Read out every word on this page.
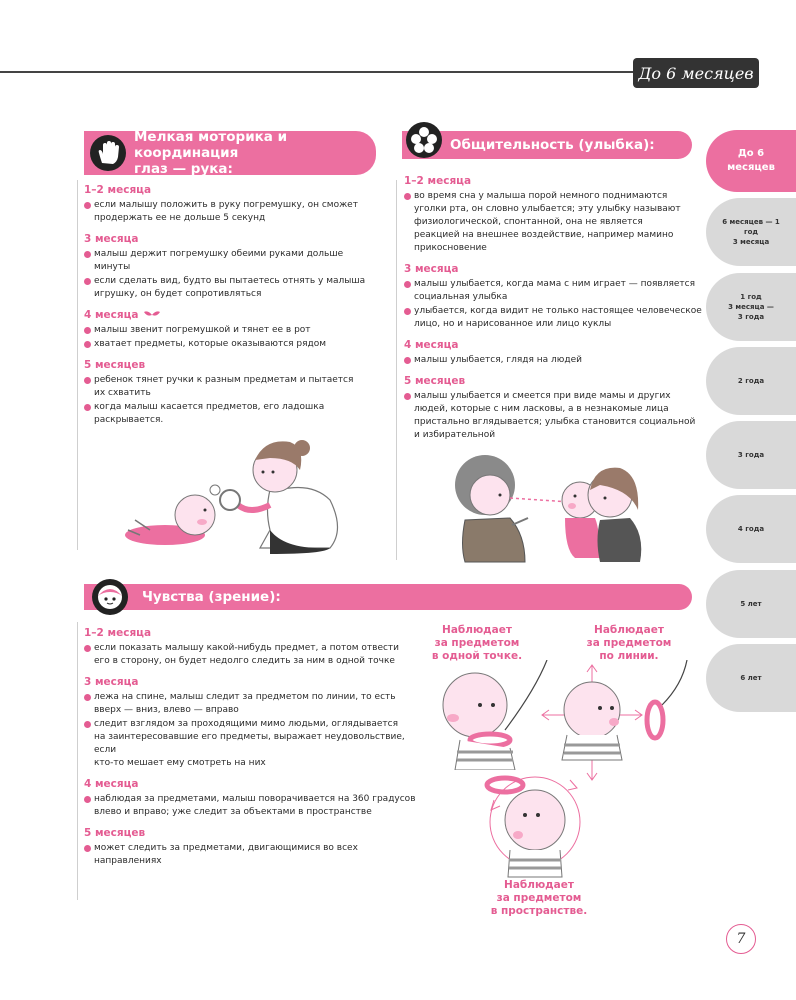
До 6 месяцев
До 6
месяцев
6 месяцев — 1
год
3 месяца
1 год
3 месяца —
3 года
2 года
3 года
4 года
5 лет
6 лет
Мелкая моторика и координация
глаз — рука:
1–2 месяца
если малышу положить в руку погремушку, он сможет
продержать ее не дольше 5 секунд
3 месяца
малыш держит погремушку обеими руками дольше
минуты
если сделать вид, будто вы пытаетесь отнять у малыша
игрушку, он будет сопротивляться
4 месяца
малыш звенит погремушкой и тянет ее в рот
хватает предметы, которые оказываются рядом
5 месяцев
ребенок тянет ручки к разным предметам и пытается
их схватить
когда малыш касается предметов, его ладошка
раскрывается.
Общительность (улыбка):
1–2 месяца
во время сна у малыша порой немного поднимаются
уголки рта, он словно улыбается; эту улыбку называют
физиологической, спонтанной, она не является
реакцией на внешнее воздействие, например мамино
прикосновение
3 месяца
малыш улыбается, когда мама с ним играет — появляется
социальная улыбка
улыбается, когда видит не только настоящее человеческое
лицо, но и нарисованное или лицо куклы
4 месяца
малыш улыбается, глядя на людей
5 месяцев
малыш улыбается и смеется при виде мамы и других
людей, которые с ним ласковы, а в незнакомые лица
пристально вглядывается; улыбка становится социальной
и избирательной
Чувства (зрение):
1–2 месяца
если показать малышу какой-нибудь предмет, а потом отвести
его в сторону, он будет недолго следить за ним в одной точке
3 месяца
лежа на спине, малыш следит за предметом по линии, то есть
вверх — вниз, влево — вправо
следит взглядом за проходящими мимо людьми, оглядывается
на заинтересовавшие его предметы, выражает неудовольствие, если
кто-то мешает ему смотреть на них
4 месяца
наблюдая за предметами, малыш поворачивается на 360 градусов
влево и вправо; уже следит за объектами в пространстве
5 месяцев
может следить за предметами, двигающимися во всех направлениях
Наблюдает
за предметом
в одной точке.
Наблюдает
за предметом
по линии.
Наблюдает
за предметом
в пространстве.
7
